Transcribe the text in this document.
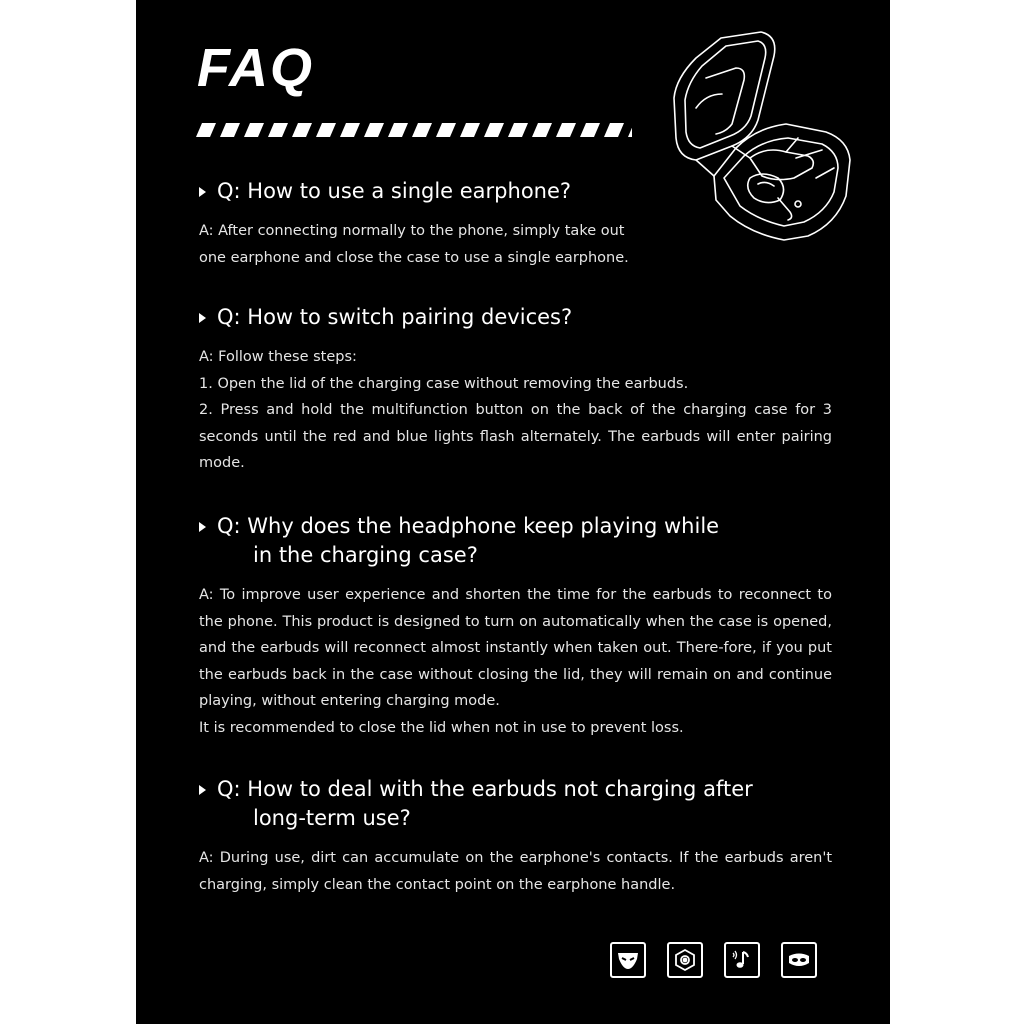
FAQ
Q: How to use a single earphone?

A: After connecting normally to the phone, simply take out
one earphone and close the case to use a single earphone.

Q: How to switch pairing devices?

A: Follow these steps:
1. Open the lid of the charging case without removing the earbuds.
2. Press and hold the multifunction button on the back of the charging case for 3 seconds until the red and blue lights flash alternately. The earbuds will enter pairing mode.

Q: Why does the headphone keep playing while
in the charging case?

A: To improve user experience and shorten the time for the earbuds to reconnect to the phone. This product is designed to turn on automatically when the case is opened, and the earbuds will reconnect almost instantly when taken out. There-fore, if you put the earbuds back in the case without closing the lid, they will remain on and continue playing, without entering charging mode.
It is recommended to close the lid when not in use to prevent loss.

Q: How to deal with the earbuds not charging after
long-term use?

A: During use, dirt can accumulate on the earphone's contacts. If the earbuds aren't charging, simply clean the contact point on the earphone handle.
